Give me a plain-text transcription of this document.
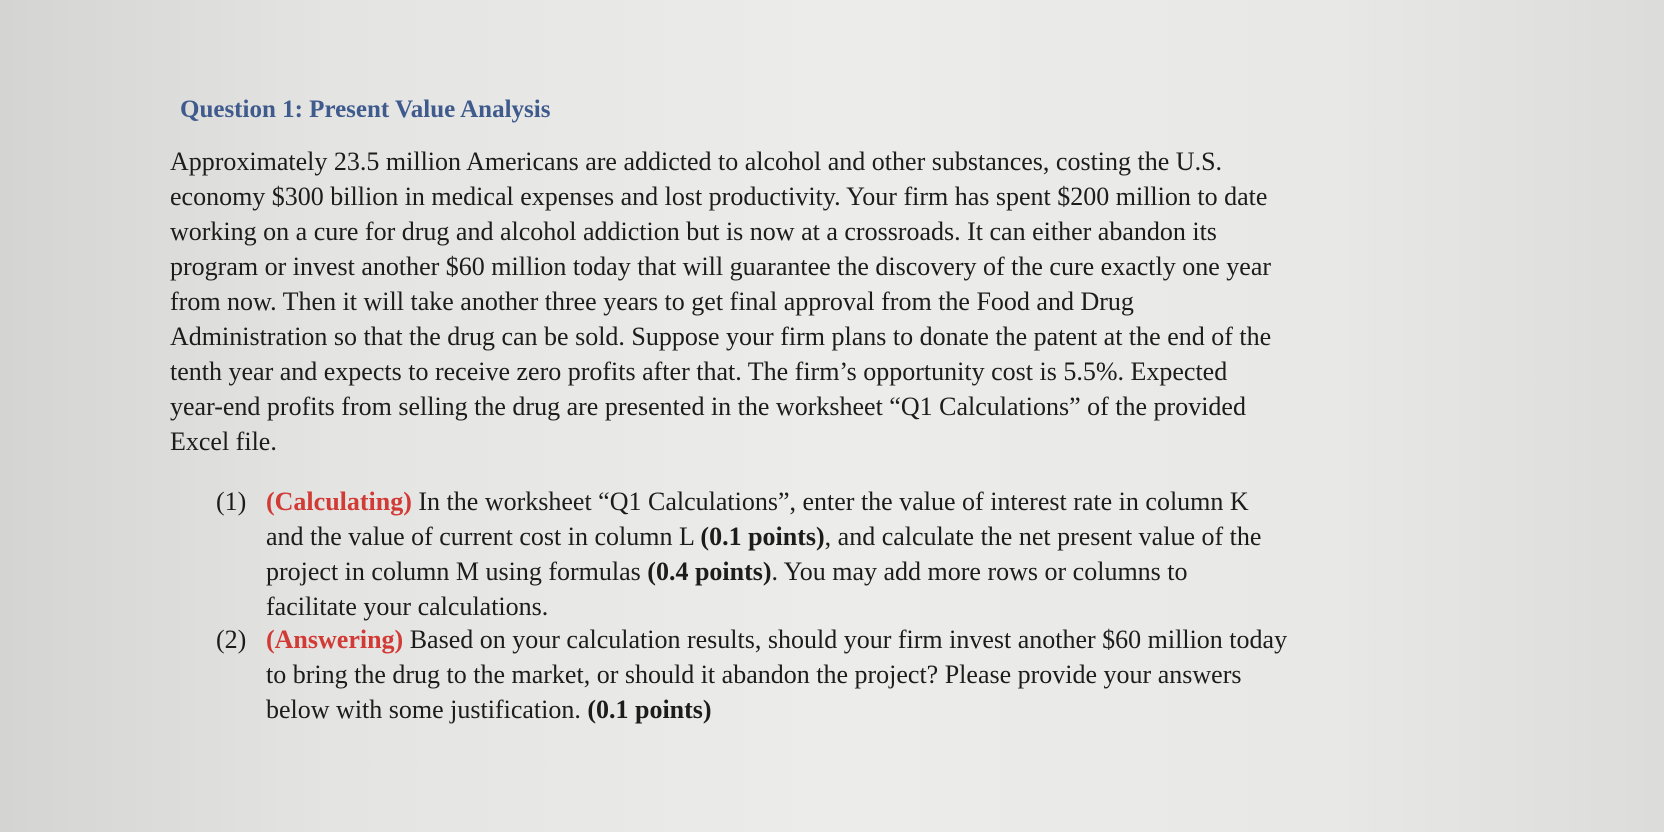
Question 1: Present Value Analysis
Approximately 23.5 million Americans are addicted to alcohol and other substances, costing the U.S.
economy $300 billion in medical expenses and lost productivity. Your firm has spent $200 million to date
working on a cure for drug and alcohol addiction but is now at a crossroads. It can either abandon its
program or invest another $60 million today that will guarantee the discovery of the cure exactly one year
from now. Then it will take another three years to get final approval from the Food and Drug
Administration so that the drug can be sold. Suppose your firm plans to donate the patent at the end of the
tenth year and expects to receive zero profits after that. The firm’s opportunity cost is 5.5%. Expected
year-end profits from selling the drug are presented in the worksheet “Q1 Calculations” of the provided
Excel file.
(1) (Calculating) In the worksheet “Q1 Calculations”, enter the value of interest rate in column K
and the value of current cost in column L (0.1 points), and calculate the net present value of the
project in column M using formulas (0.4 points). You may add more rows or columns to
facilitate your calculations.
(2) (Answering) Based on your calculation results, should your firm invest another $60 million today
to bring the drug to the market, or should it abandon the project? Please provide your answers
below with some justification. (0.1 points)
